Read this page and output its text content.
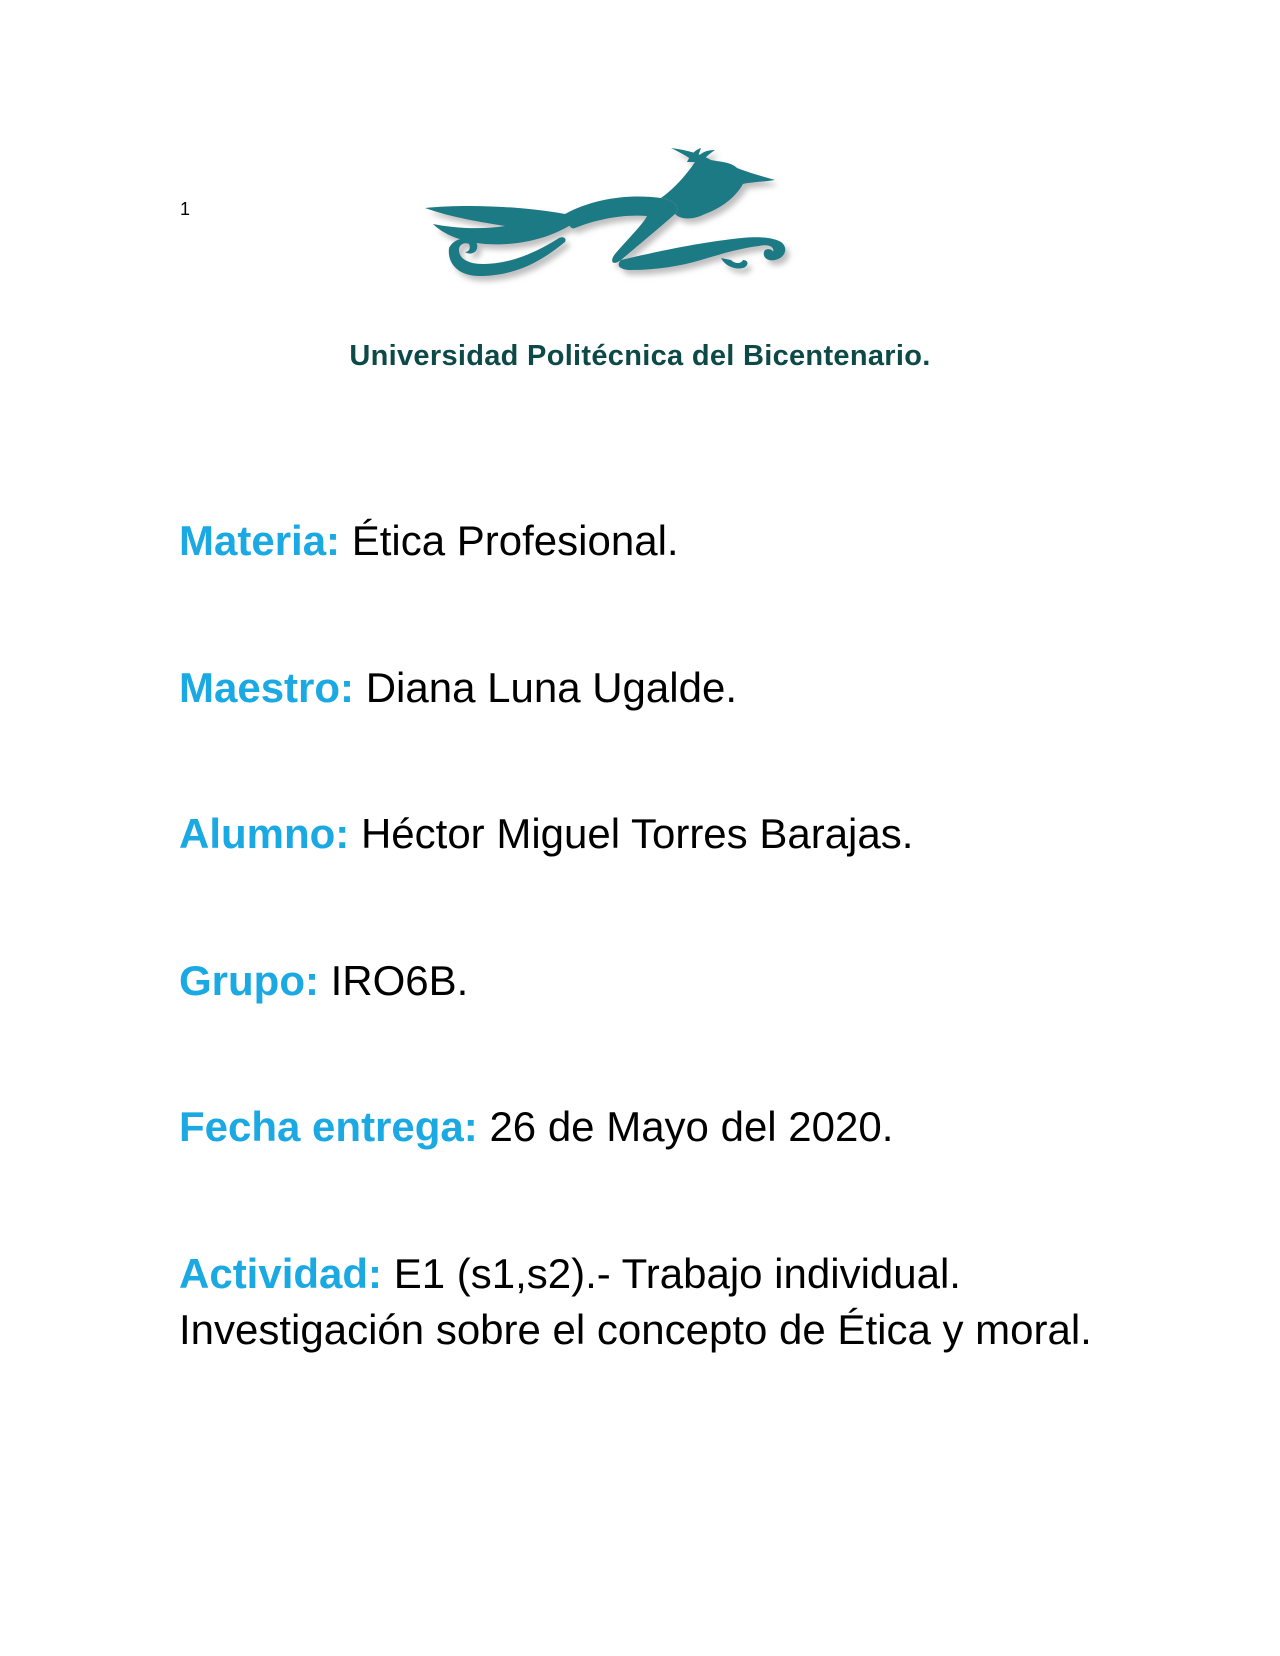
1
Universidad Politécnica del Bicentenario.
Materia: Ética Profesional.
Maestro: Diana Luna Ugalde.
Alumno: Héctor Miguel Torres Barajas.
Grupo: IRO6B.
Fecha entrega: 26 de Mayo del 2020.
Actividad: E1 (s1,s2).- Trabajo individual. Investigación sobre el concepto de Ética y moral.
